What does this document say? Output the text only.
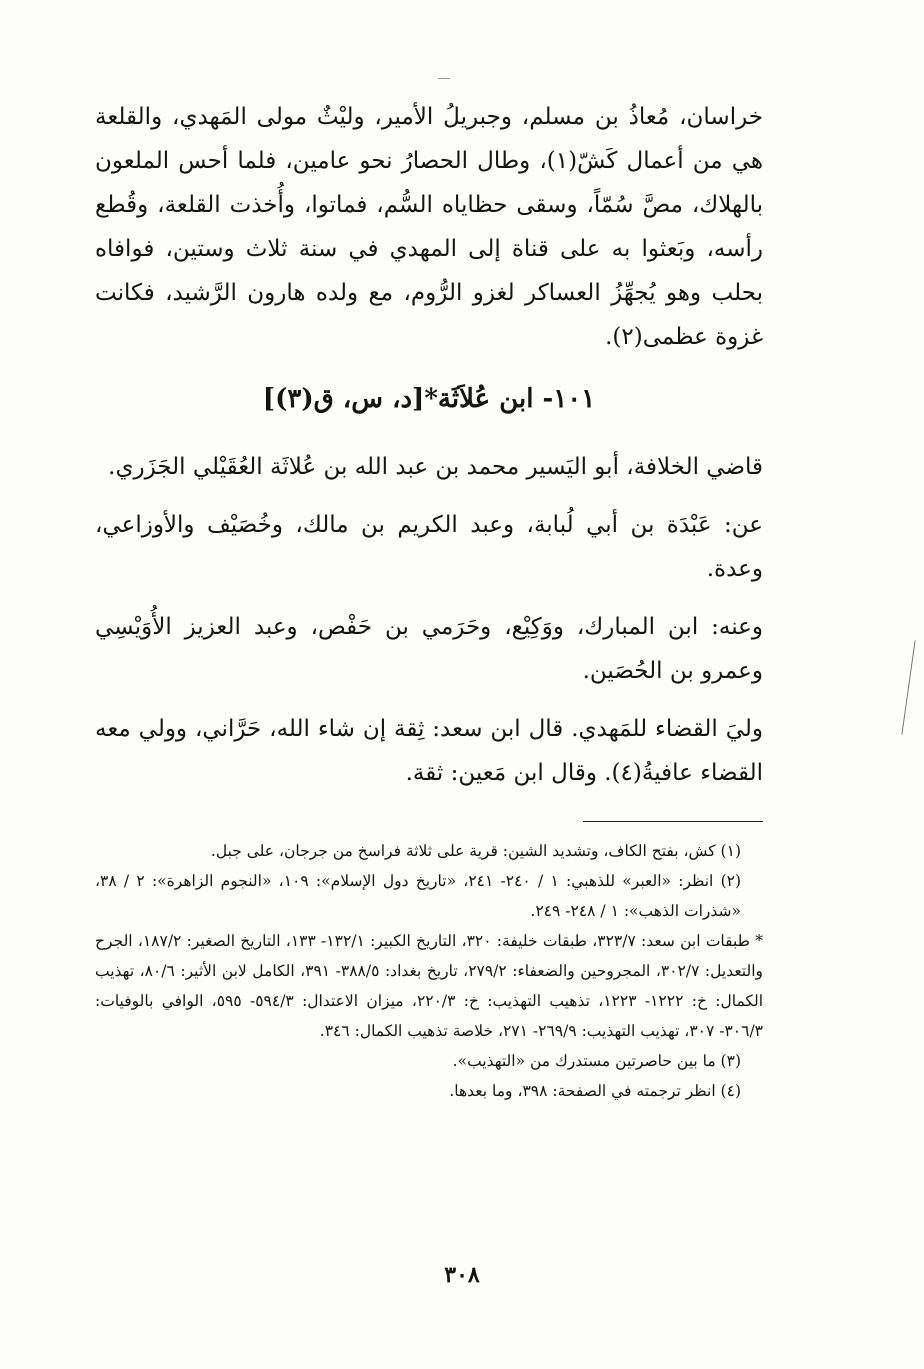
خراسان، مُعاذُ بن مسلم، وجبريلُ الأمير، وليْثٌ مولى المَهدي، والقلعة هي من أعمال كَشّ(١)، وطال الحصارُ نحو عامين، فلما أحس الملعون بالهلاك، مصَّ سُمّاً، وسقى حظاياه السُّم، فماتوا، وأُخذت القلعة، وقُطع رأسه، وبَعثوا به على قناة إلى المهدي في سنة ثلاث وستين، فوافاه بحلب وهو يُجهِّزُ العساكر لغزو الرُّوم، مع ولده هارون الرَّشيد، فكانت غزوة عظمى(٢).

١٠١- ابن عُلاَثَة*[د، س، ق(٣)]

قاضي الخلافة، أبو اليَسير محمد بن عبد الله بن عُلاثَة العُقَيْلي الجَزَري.

عن: عَبْدَة بن أبي لُبابة، وعبد الكريم بن مالك، وخُصَيْف والأوزاعي، وعدة.

وعنه: ابن المبارك، ووَكِيْع، وحَرَمي بن حَفْص، وعبد العزيز الأُوَيْسِي وعمرو بن الحُصَين.

وليَ القضاء للمَهدي. قال ابن سعد: ثِقة إن شاء الله، حَرَّاني، وولي معه القضاء عافيةُ(٤). وقال ابن مَعين: ثقة.

(١) كش، بفتح الكاف، وتشديد الشين: قرية على ثلاثة فراسخ من جرجان، على جبل.

(٢) انظر: «العبر» للذهبي: ١ / ٢٤٠- ٢٤١، «تاريخ دول الإسلام»: ١٠٩، «النجوم الزاهرة»: ٢ / ٣٨، «شذرات الذهب»: ١ / ٢٤٨- ٢٤٩.

* طبقات ابن سعد: ٣٢٣/٧، طبقات خليفة: ٣٢٠، التاريخ الكبير: ١٣٢/١- ١٣٣، التاريخ الصغير: ١٨٧/٢، الجرح والتعديل: ٣٠٢/٧، المجروحين والضعفاء: ٢٧٩/٢، تاريخ بغداد: ٣٨٨/٥- ٣٩١، الكامل لابن الأثير: ٨٠/٦، تهذيب الكمال: خ: ١٢٢٢- ١٢٢٣، تذهيب التهذيب: خ: ٢٢٠/٣، ميزان الاعتدال: ٥٩٤/٣- ٥٩٥، الوافي بالوفيات: ٣٠٦/٣- ٣٠٧، تهذيب التهذيب: ٢٦٩/٩- ٢٧١، خلاصة تذهيب الكمال: ٣٤٦.

(٣) ما بين حاصرتين مستدرك من «التهذيب».

(٤) انظر ترجمته في الصفحة: ٣٩٨، وما بعدها.

٣٠٨
